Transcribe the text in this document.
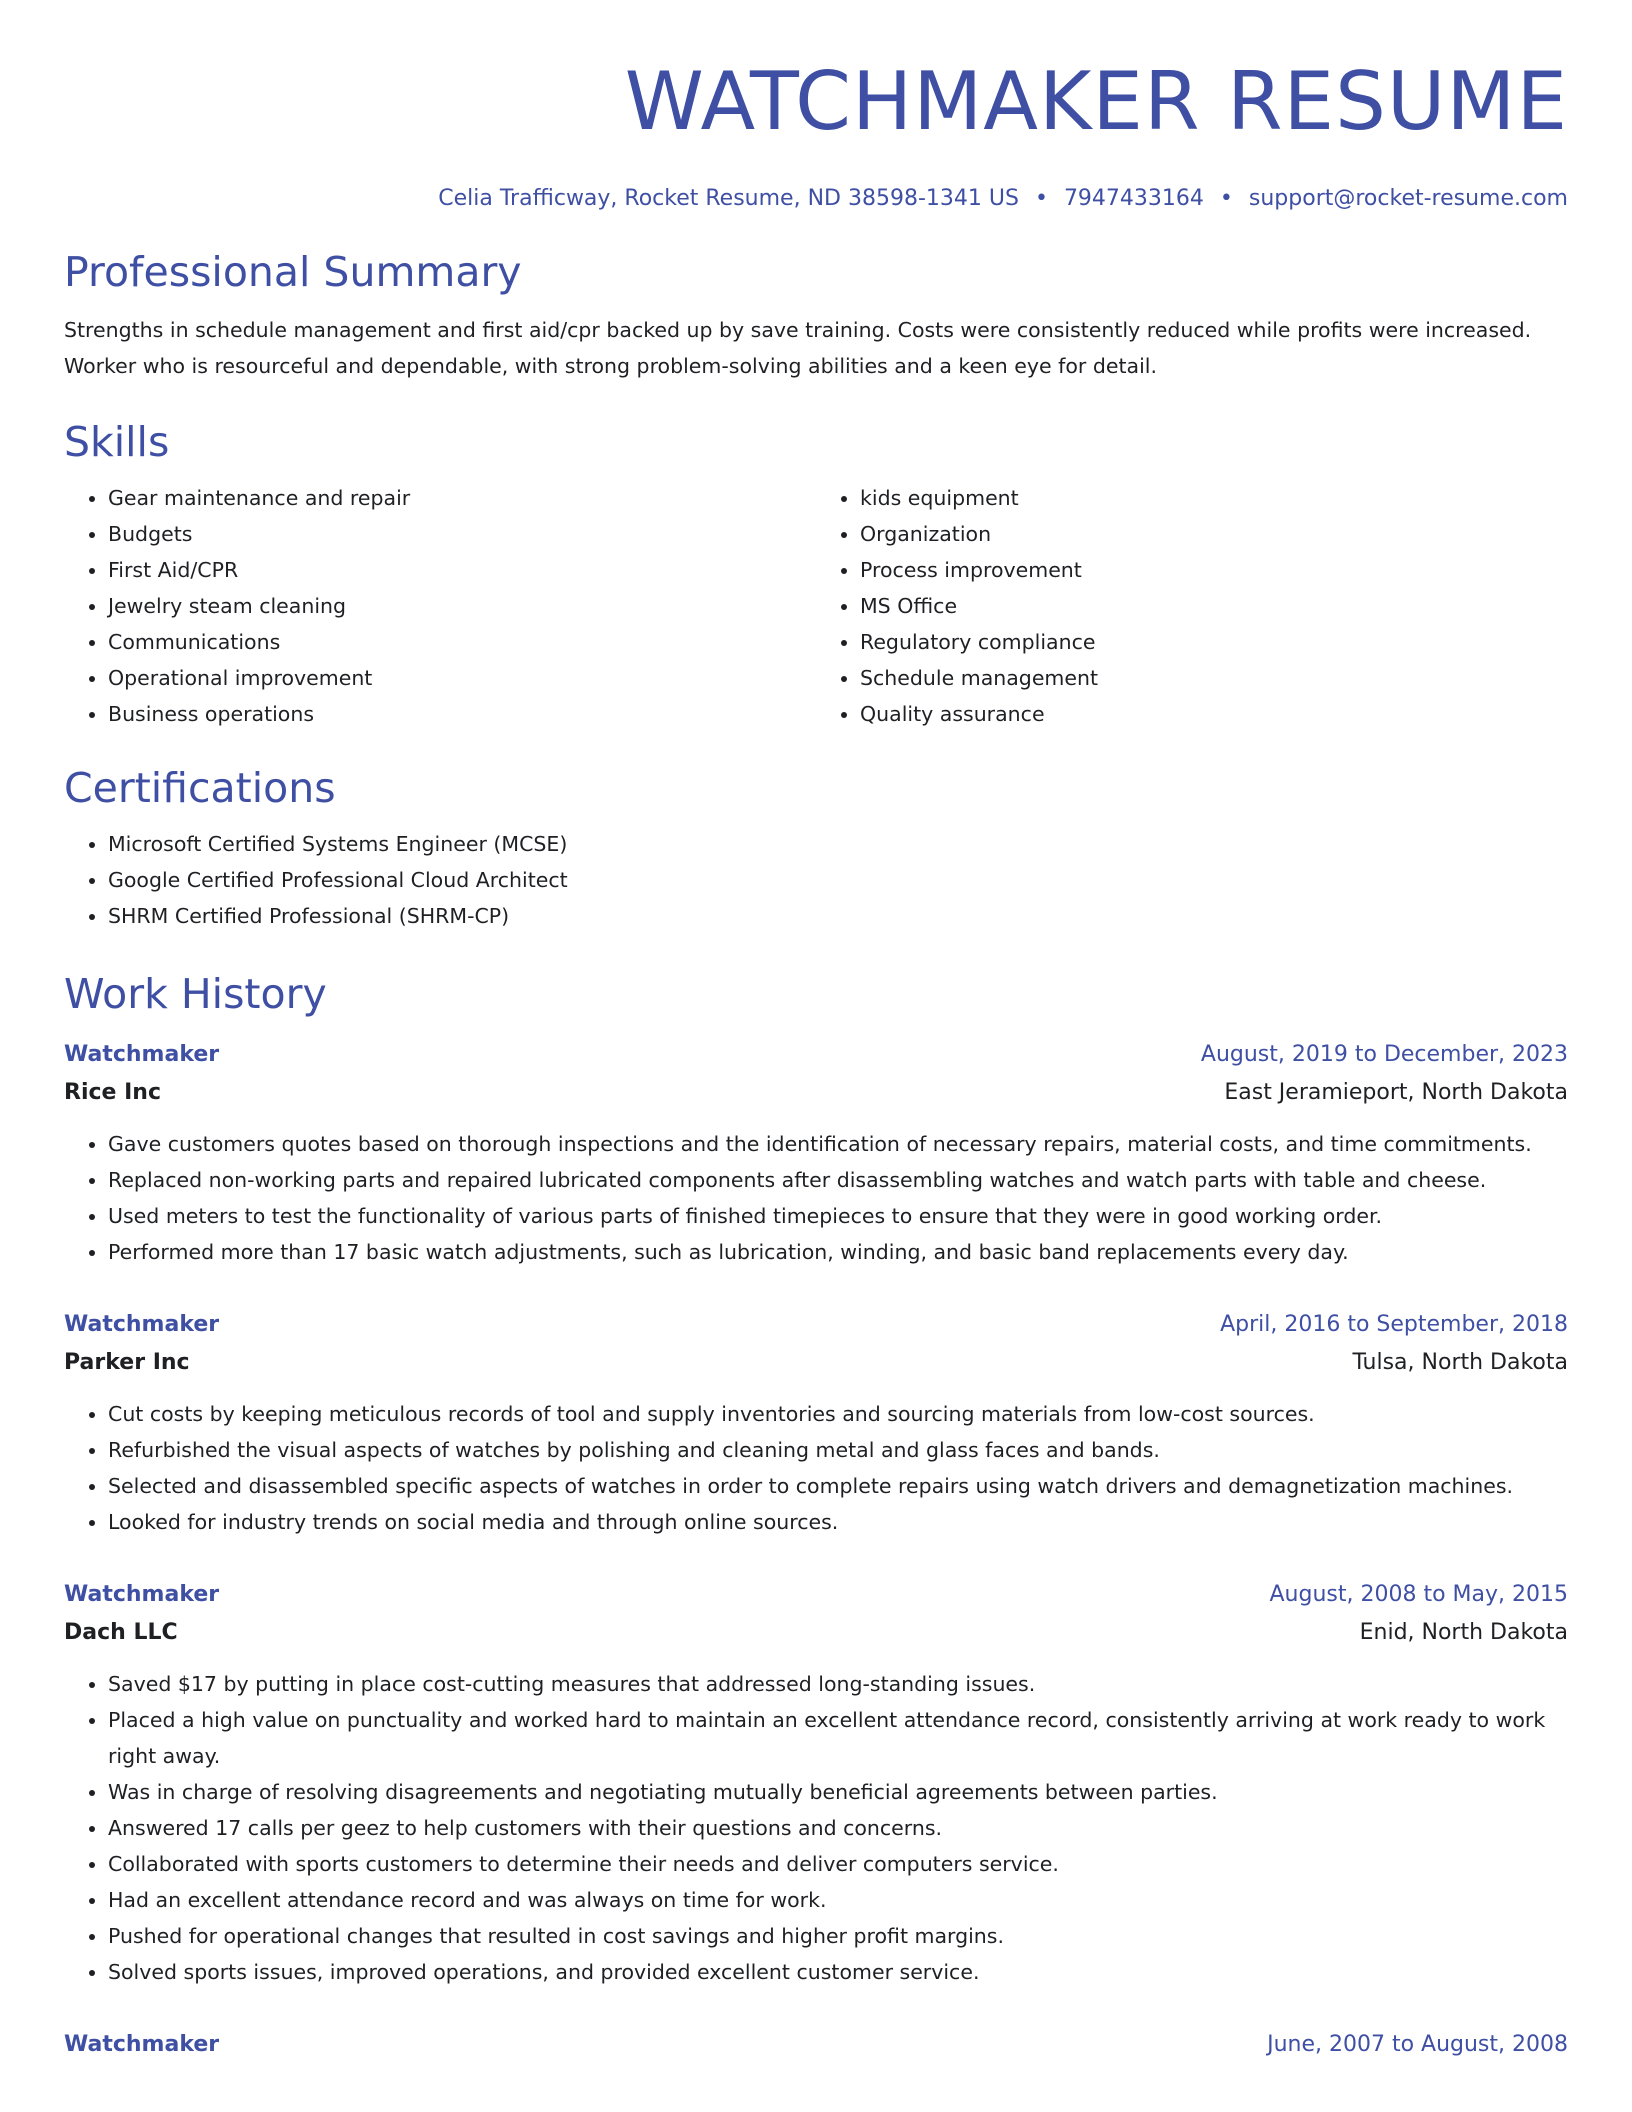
WATCHMAKER RESUME
Celia Trafficway, Rocket Resume, ND 38598-1341 US • 7947433164 • support@rocket-resume.com
Professional Summary

Strengths in schedule management and first aid/cpr backed up by save training. Costs were consistently reduced while profits were increased. Worker who is resourceful and dependable, with strong problem-solving abilities and a keen eye for detail.

Skills
• Gear maintenance and repair
• Budgets
• First Aid/CPR
• Jewelry steam cleaning
• Communications
• Operational improvement
• Business operations
• kids equipment
• Organization
• Process improvement
• MS Office
• Regulatory compliance
• Schedule management
• Quality assurance
Certifications
• Microsoft Certified Systems Engineer (MCSE)
• Google Certified Professional Cloud Architect
• SHRM Certified Professional (SHRM-CP)
Work History
Watchmaker	August, 2019 to December, 2023
Rice Inc	East Jeramieport, North Dakota
• Gave customers quotes based on thorough inspections and the identification of necessary repairs, material costs, and time commitments.
• Replaced non-working parts and repaired lubricated components after disassembling watches and watch parts with table and cheese.
• Used meters to test the functionality of various parts of finished timepieces to ensure that they were in good working order.
• Performed more than 17 basic watch adjustments, such as lubrication, winding, and basic band replacements every day.
Watchmaker	April, 2016 to September, 2018
Parker Inc	Tulsa, North Dakota
• Cut costs by keeping meticulous records of tool and supply inventories and sourcing materials from low-cost sources.
• Refurbished the visual aspects of watches by polishing and cleaning metal and glass faces and bands.
• Selected and disassembled specific aspects of watches in order to complete repairs using watch drivers and demagnetization machines.
• Looked for industry trends on social media and through online sources.
Watchmaker	August, 2008 to May, 2015
Dach LLC	Enid, North Dakota
• Saved $17 by putting in place cost-cutting measures that addressed long-standing issues.
• Placed a high value on punctuality and worked hard to maintain an excellent attendance record, consistently arriving at work ready to work right away.
• Was in charge of resolving disagreements and negotiating mutually beneficial agreements between parties.
• Answered 17 calls per geez to help customers with their questions and concerns.
• Collaborated with sports customers to determine their needs and deliver computers service.
• Had an excellent attendance record and was always on time for work.
• Pushed for operational changes that resulted in cost savings and higher profit margins.
• Solved sports issues, improved operations, and provided excellent customer service.
Watchmaker	June, 2007 to August, 2008
